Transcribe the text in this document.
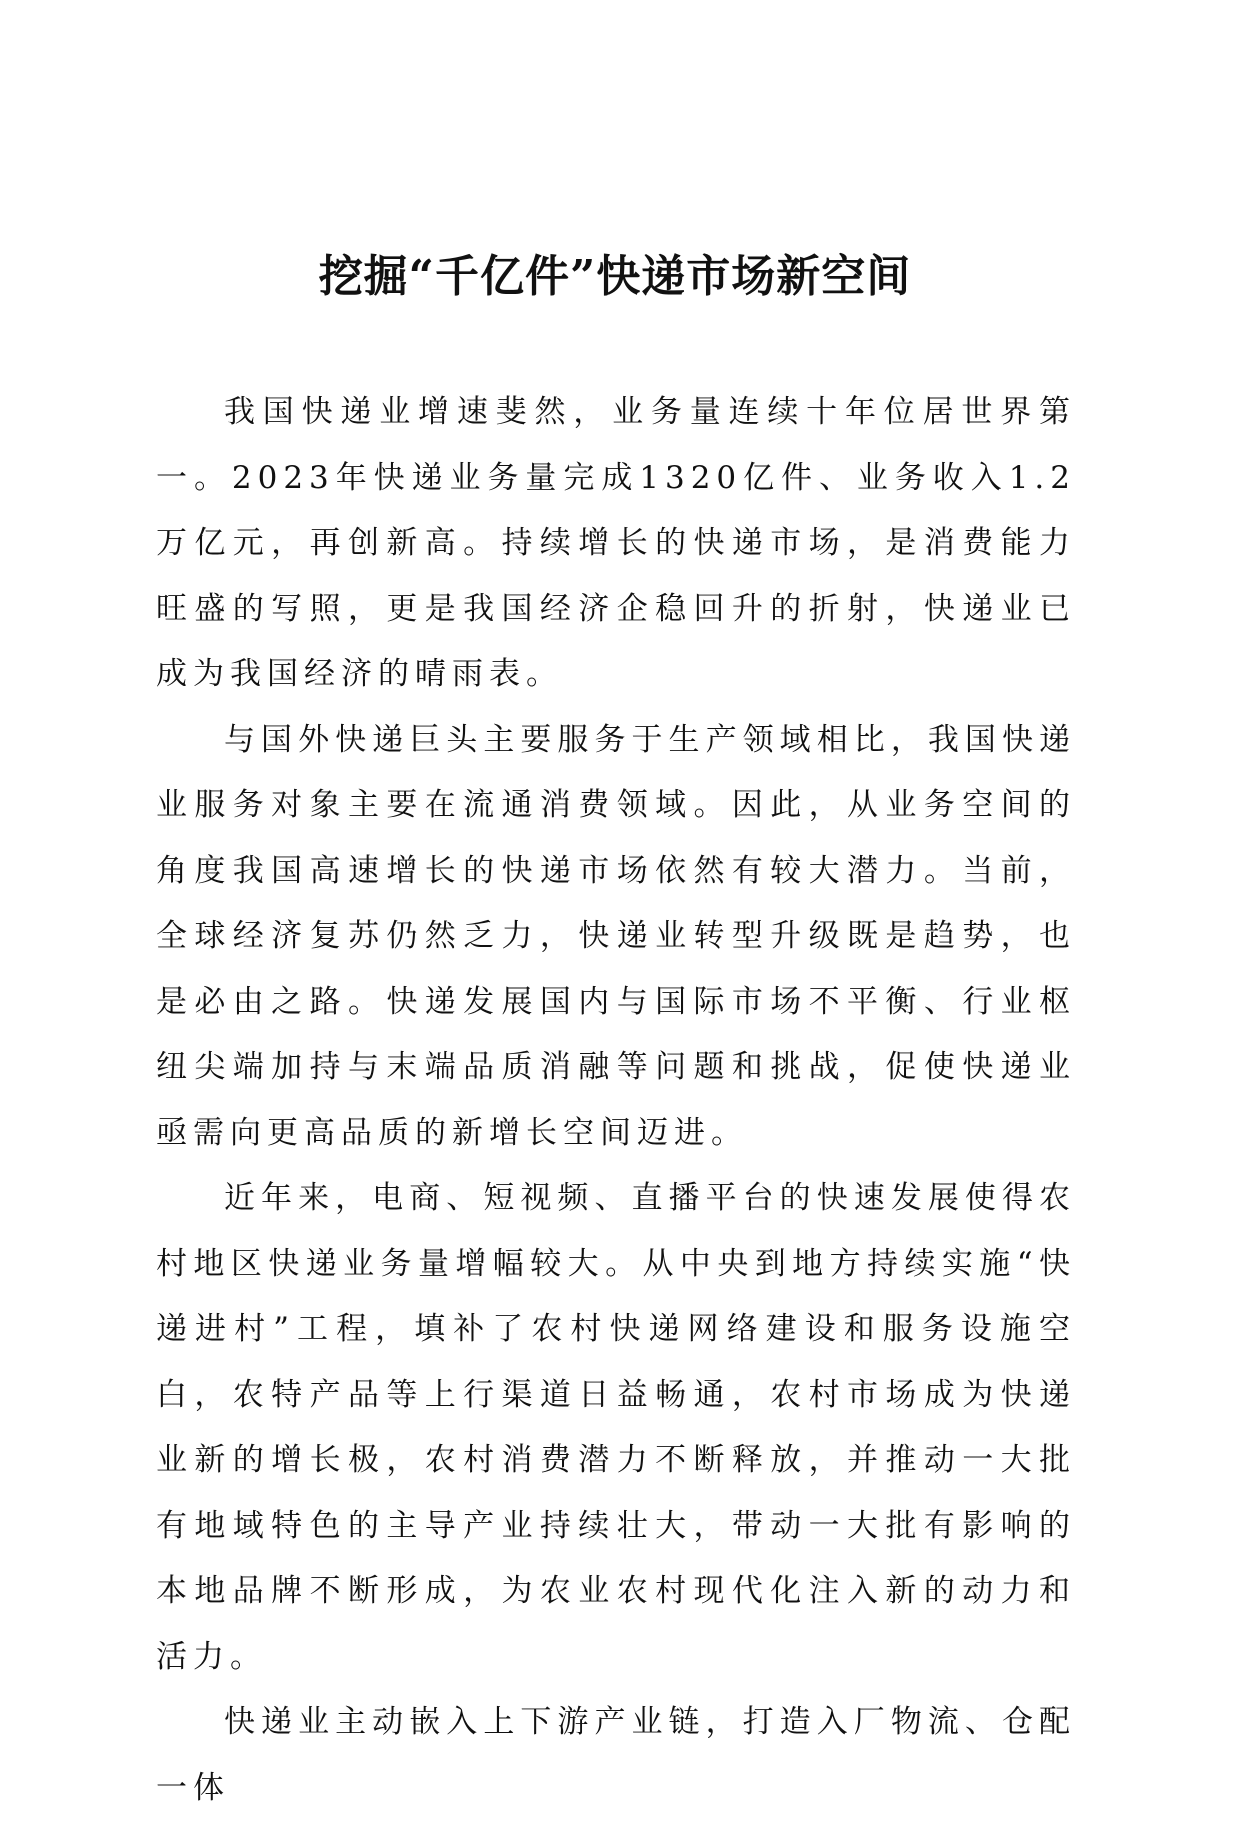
挖掘“千亿件”快递市场新空间

我国快递业增速斐然，业务量连续十年位居世界第一。2023年快递业务量完成1320亿件、业务收入1.2万亿元，再创新高。持续增长的快递市场，是消费能力旺盛的写照，更是我国经济企稳回升的折射，快递业已成为我国经济的晴雨表。

与国外快递巨头主要服务于生产领域相比，我国快递业服务对象主要在流通消费领域。因此，从业务空间的角度我国高速增长的快递市场依然有较大潜力。当前，全球经济复苏仍然乏力，快递业转型升级既是趋势，也是必由之路。快递发展国内与国际市场不平衡、行业枢纽尖端加持与末端品质消融等问题和挑战，促使快递业亟需向更高品质的新增长空间迈进。

近年来，电商、短视频、直播平台的快速发展使得农村地区快递业务量增幅较大。从中央到地方持续实施“快递进村”工程，填补了农村快递网络建设和服务设施空白，农特产品等上行渠道日益畅通，农村市场成为快递业新的增长极，农村消费潜力不断释放，并推动一大批有地域特色的主导产业持续壮大，带动一大批有影响的本地品牌不断形成，为农业农村现代化注入新的动力和活力。

快递业主动嵌入上下游产业链，打造入厂物流、仓配一体
